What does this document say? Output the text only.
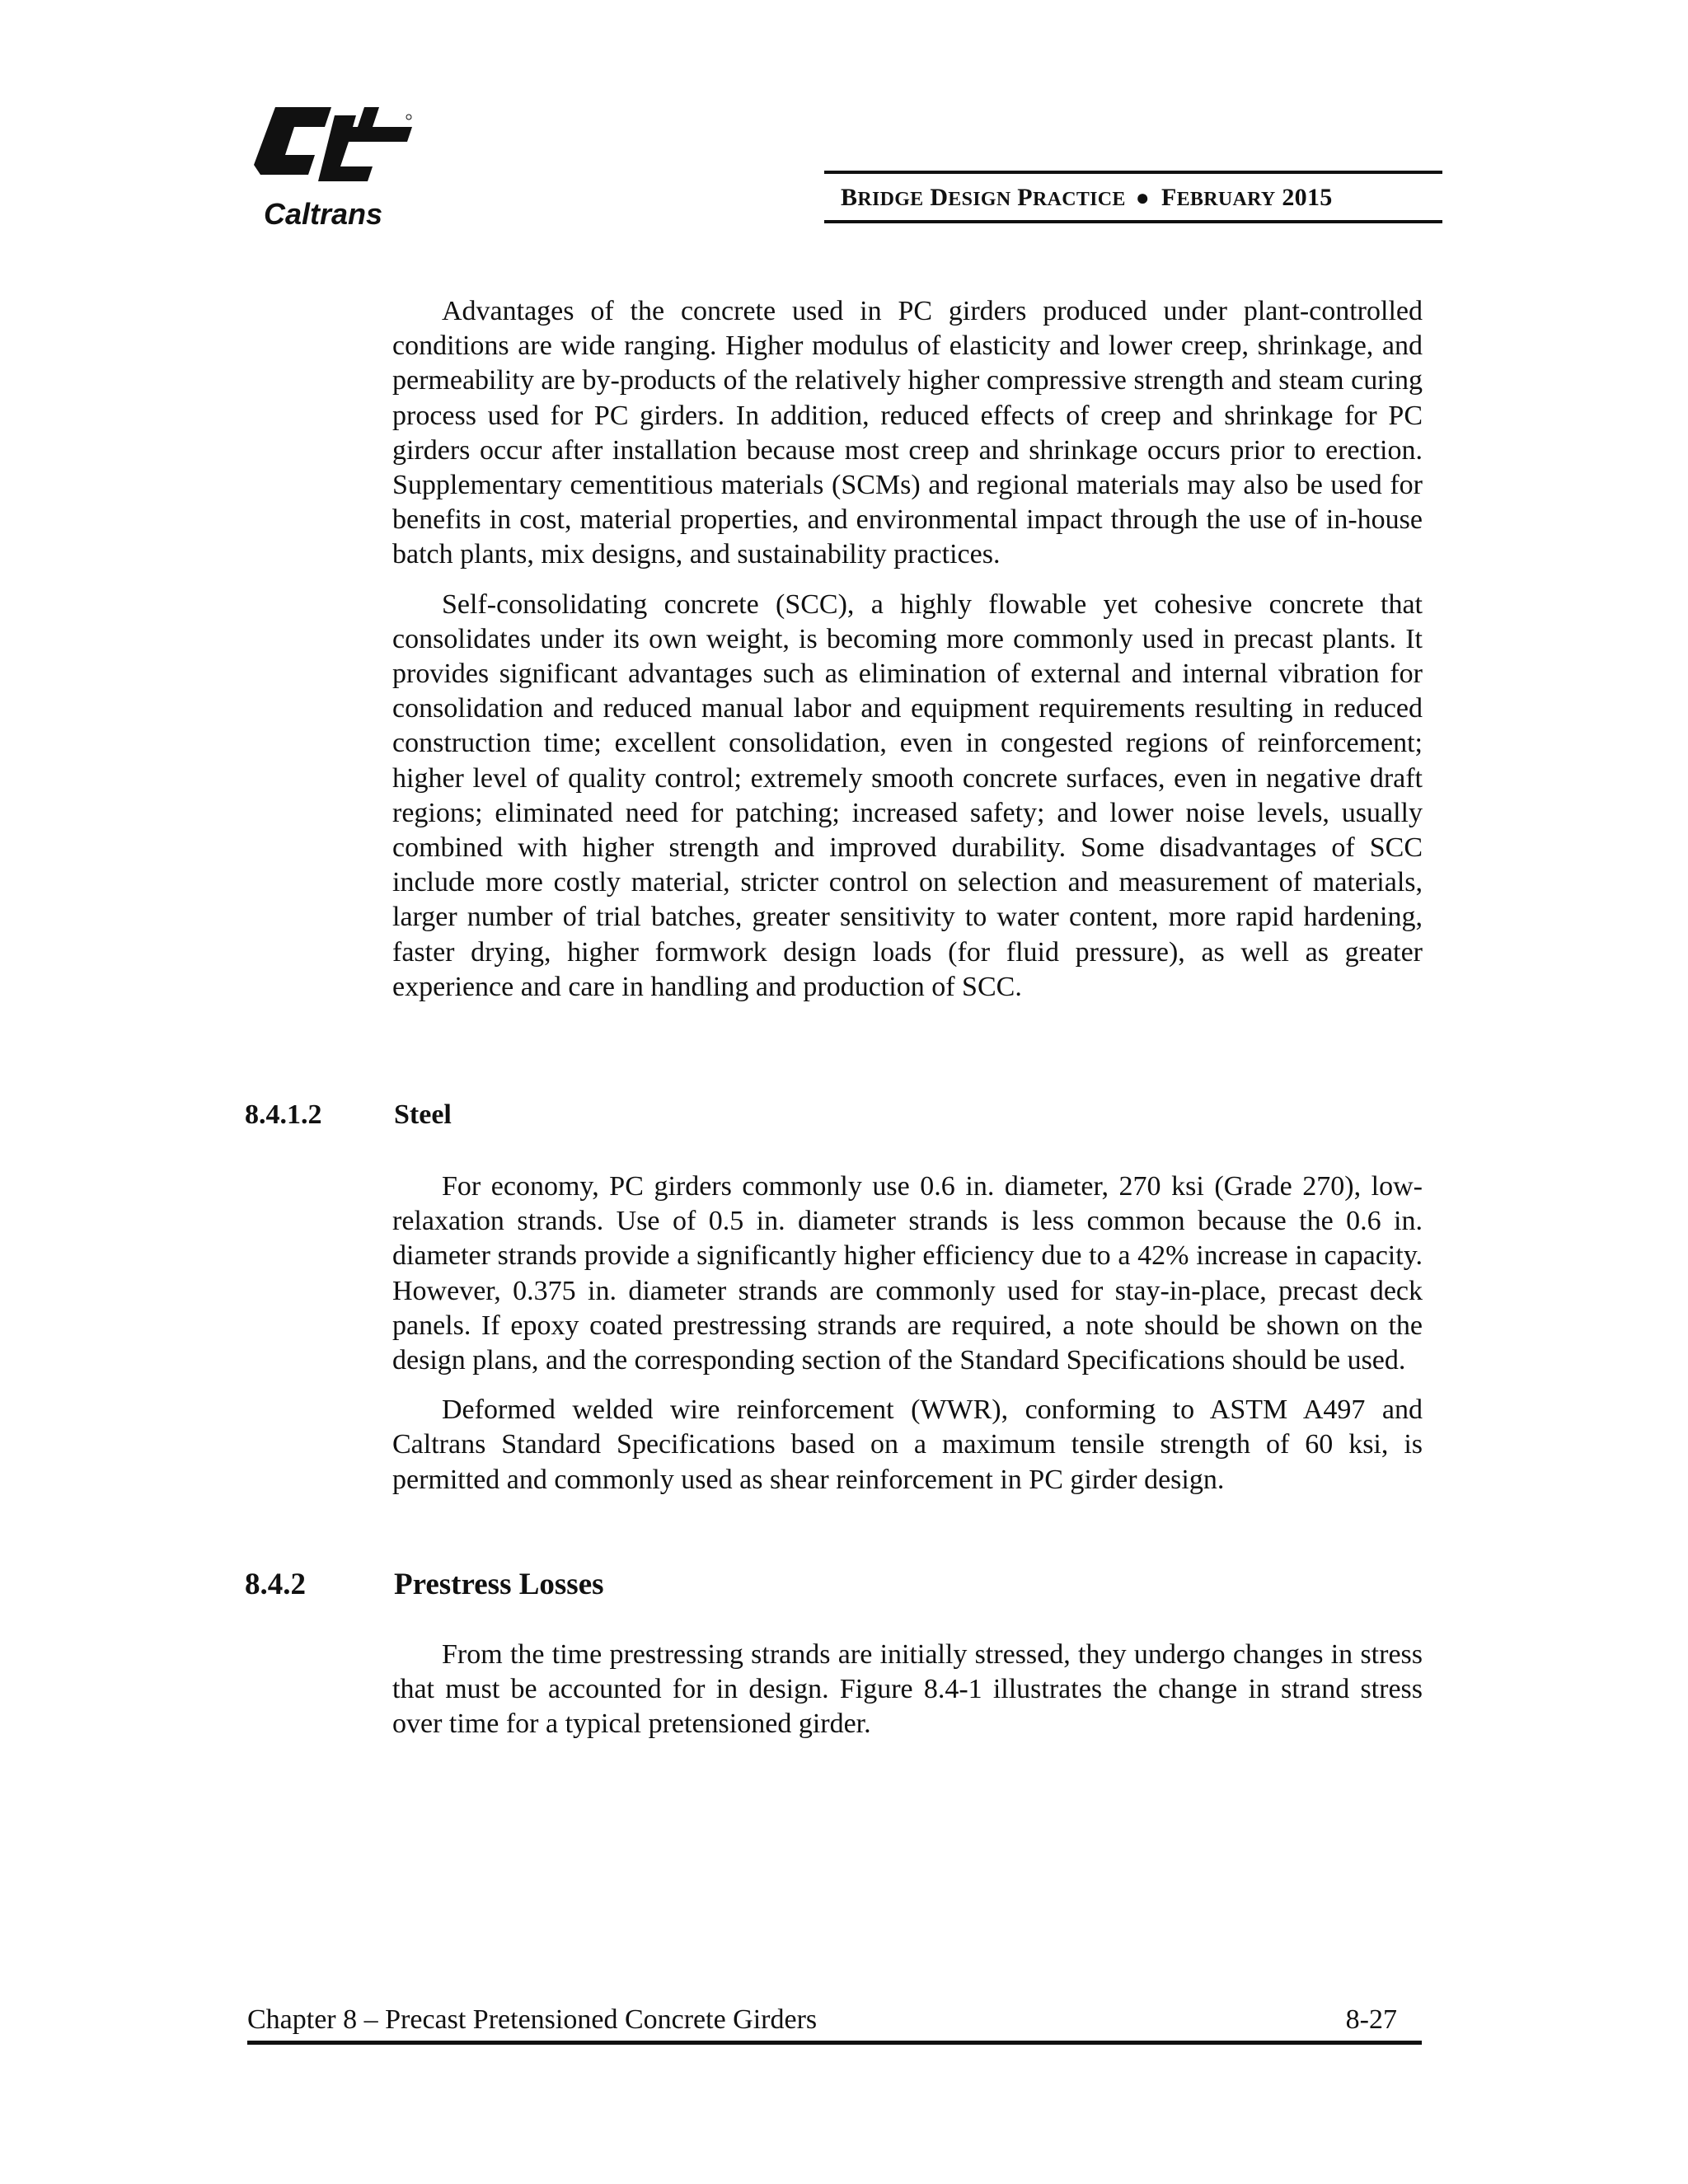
Caltrans	BRIDGE DESIGN PRACTICE ● FEBRUARY 2015

Advantages of the concrete used in PC girders produced under plant-controlled conditions are wide ranging. Higher modulus of elasticity and lower creep, shrinkage, and permeability are by-products of the relatively higher compressive strength and steam curing process used for PC girders. In addition, reduced effects of creep and shrinkage for PC girders occur after installation because most creep and shrinkage occurs prior to erection. Supplementary cementitious materials (SCMs) and regional materials may also be used for benefits in cost, material properties, and environmental impact through the use of in-house batch plants, mix designs, and sustainability practices.

Self-consolidating concrete (SCC), a highly flowable yet cohesive concrete that consolidates under its own weight, is becoming more commonly used in precast plants. It provides significant advantages such as elimination of external and internal vibration for consolidation and reduced manual labor and equipment requirements resulting in reduced construction time; excellent consolidation, even in congested regions of reinforcement; higher level of quality control; extremely smooth concrete surfaces, even in negative draft regions; eliminated need for patching; increased safety; and lower noise levels, usually combined with higher strength and improved durability. Some disadvantages of SCC include more costly material, stricter control on selection and measurement of materials, larger number of trial batches, greater sensitivity to water content, more rapid hardening, faster drying, higher formwork design loads (for fluid pressure), as well as greater experience and care in handling and production of SCC.

8.4.1.2	Steel

For economy, PC girders commonly use 0.6 in. diameter, 270 ksi (Grade 270), low-relaxation strands. Use of 0.5 in. diameter strands is less common because the 0.6 in. diameter strands provide a significantly higher efficiency due to a 42% increase in capacity. However, 0.375 in. diameter strands are commonly used for stay-in-place, precast deck panels. If epoxy coated prestressing strands are required, a note should be shown on the design plans, and the corresponding section of the Standard Specifications should be used.

Deformed welded wire reinforcement (WWR), conforming to ASTM A497 and Caltrans Standard Specifications based on a maximum tensile strength of 60 ksi, is permitted and commonly used as shear reinforcement in PC girder design.

8.4.2	Prestress Losses

From the time prestressing strands are initially stressed, they undergo changes in stress that must be accounted for in design. Figure 8.4-1 illustrates the change in strand stress over time for a typical pretensioned girder.

Chapter 8 – Precast Pretensioned Concrete Girders	8-27
